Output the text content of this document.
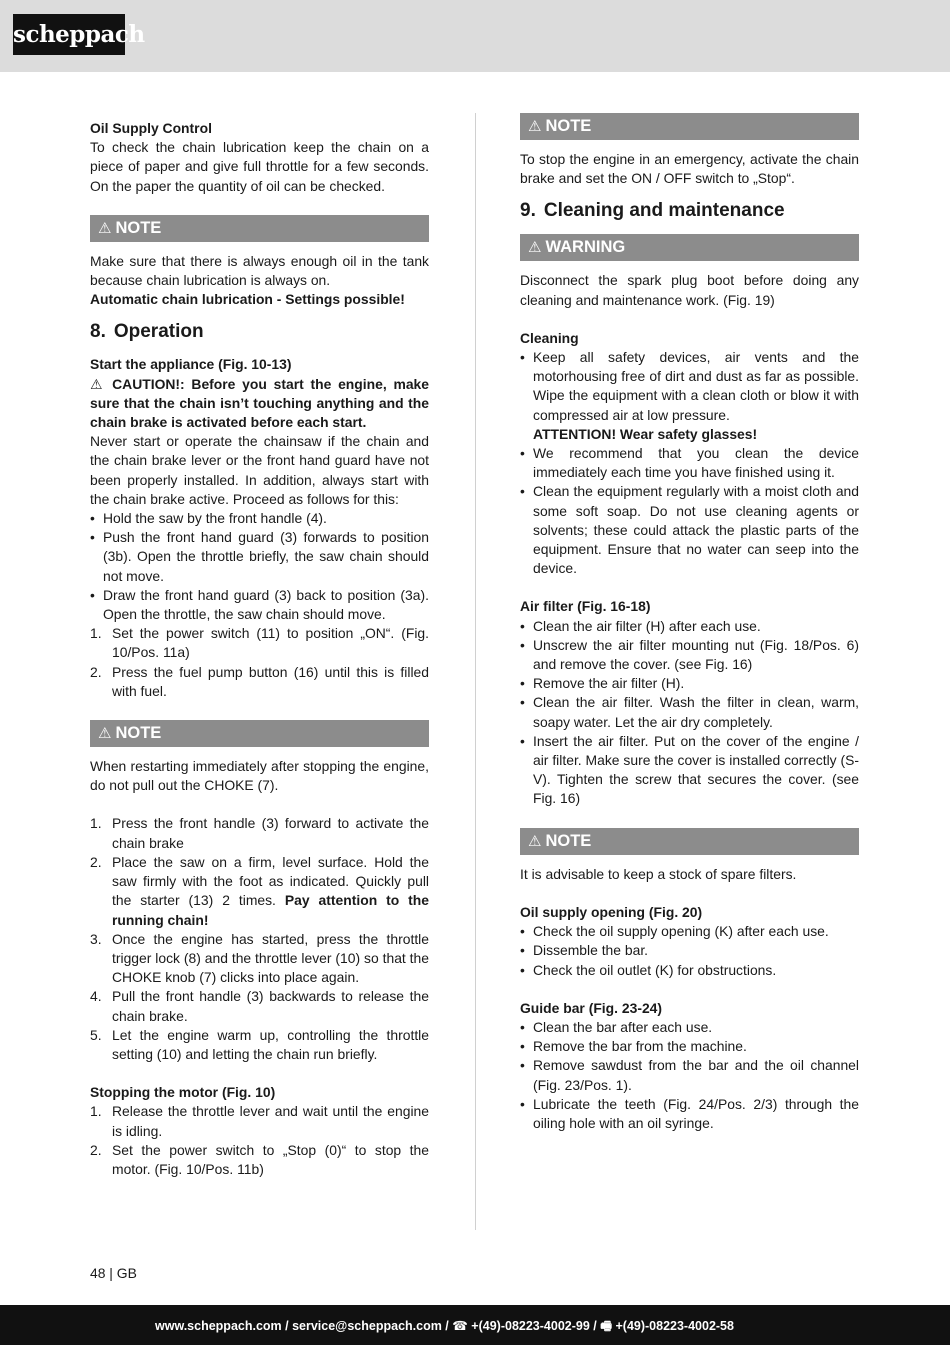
scheppach
Oil Supply Control
To check the chain lubrication keep the chain on a piece of paper and give full throttle for a few seconds. On the paper the quantity of oil can be checked.
⚠ NOTE
Make sure that there is always enough oil in the tank because chain lubrication is always on.
Automatic chain lubrication - Settings possible!
8. Operation
Start the appliance (Fig. 10-13)
⚠ CAUTION!: Before you start the engine, make sure that the chain isn’t touching anything and the chain brake is activated before each start.
Never start or operate the chainsaw if the chain and the chain brake lever or the front hand guard have not been properly installed. In addition, always start with the chain brake active. Proceed as follows for this:
• Hold the saw by the front handle (4).
• Push the front hand guard (3) forwards to position (3b). Open the throttle briefly, the saw chain should not move.
• Draw the front hand guard (3) back to position (3a). Open the throttle, the saw chain should move.
1. Set the power switch (11) to position „ON“. (Fig. 10/Pos. 11a)
2. Press the fuel pump button (16) until this is filled with fuel.
⚠ NOTE
When restarting immediately after stopping the engine, do not pull out the CHOKE (7).
1. Press the front handle (3) forward to activate the chain brake
2. Place the saw on a firm, level surface. Hold the saw firmly with the foot as indicated. Quickly pull the starter (13) 2 times. Pay attention to the running chain!
3. Once the engine has started, press the throttle trigger lock (8) and the throttle lever (10) so that the CHOKE knob (7) clicks into place again.
4. Pull the front handle (3) backwards to release the chain brake.
5. Let the engine warm up, controlling the throttle setting (10) and letting the chain run briefly.
Stopping the motor (Fig. 10)
1. Release the throttle lever and wait until the engine is idling.
2. Set the power switch to „Stop (0)“ to stop the motor. (Fig. 10/Pos. 11b)
⚠ NOTE
To stop the engine in an emergency, activate the chain brake and set the ON / OFF switch to „Stop“.
9. Cleaning and maintenance
⚠ WARNING
Disconnect the spark plug boot before doing any cleaning and maintenance work. (Fig. 19)
Cleaning
• Keep all safety devices, air vents and the motorhousing free of dirt and dust as far as possible. Wipe the equipment with a clean cloth or blow it with compressed air at low pressure.
ATTENTION! Wear safety glasses!
• We recommend that you clean the device immediately each time you have finished using it.
• Clean the equipment regularly with a moist cloth and some soft soap. Do not use cleaning agents or solvents; these could attack the plastic parts of the equipment. Ensure that no water can seep into the device.
Air filter (Fig. 16-18)
• Clean the air filter (H) after each use.
• Unscrew the air filter mounting nut (Fig. 18/Pos. 6) and remove the cover. (see Fig. 16)
• Remove the air filter (H).
• Clean the air filter. Wash the filter in clean, warm, soapy water. Let the air dry completely.
• Insert the air filter. Put on the cover of the engine / air filter. Make sure the cover is installed correctly (S-V). Tighten the screw that secures the cover. (see Fig. 16)
⚠ NOTE
It is advisable to keep a stock of spare filters.
Oil supply opening (Fig. 20)
• Check the oil supply opening (K) after each use.
• Dissemble the bar.
• Check the oil outlet (K) for obstructions.
Guide bar (Fig. 23-24)
• Clean the bar after each use.
• Remove the bar from the machine.
• Remove sawdust from the bar and the oil channel (Fig. 23/Pos. 1).
• Lubricate the teeth (Fig. 24/Pos. 2/3) through the oiling hole with an oil syringe.
48 | GB
www.scheppach.com / service@scheppach.com / ☎ +(49)-08223-4002-99 / 🖷 +(49)-08223-4002-58
